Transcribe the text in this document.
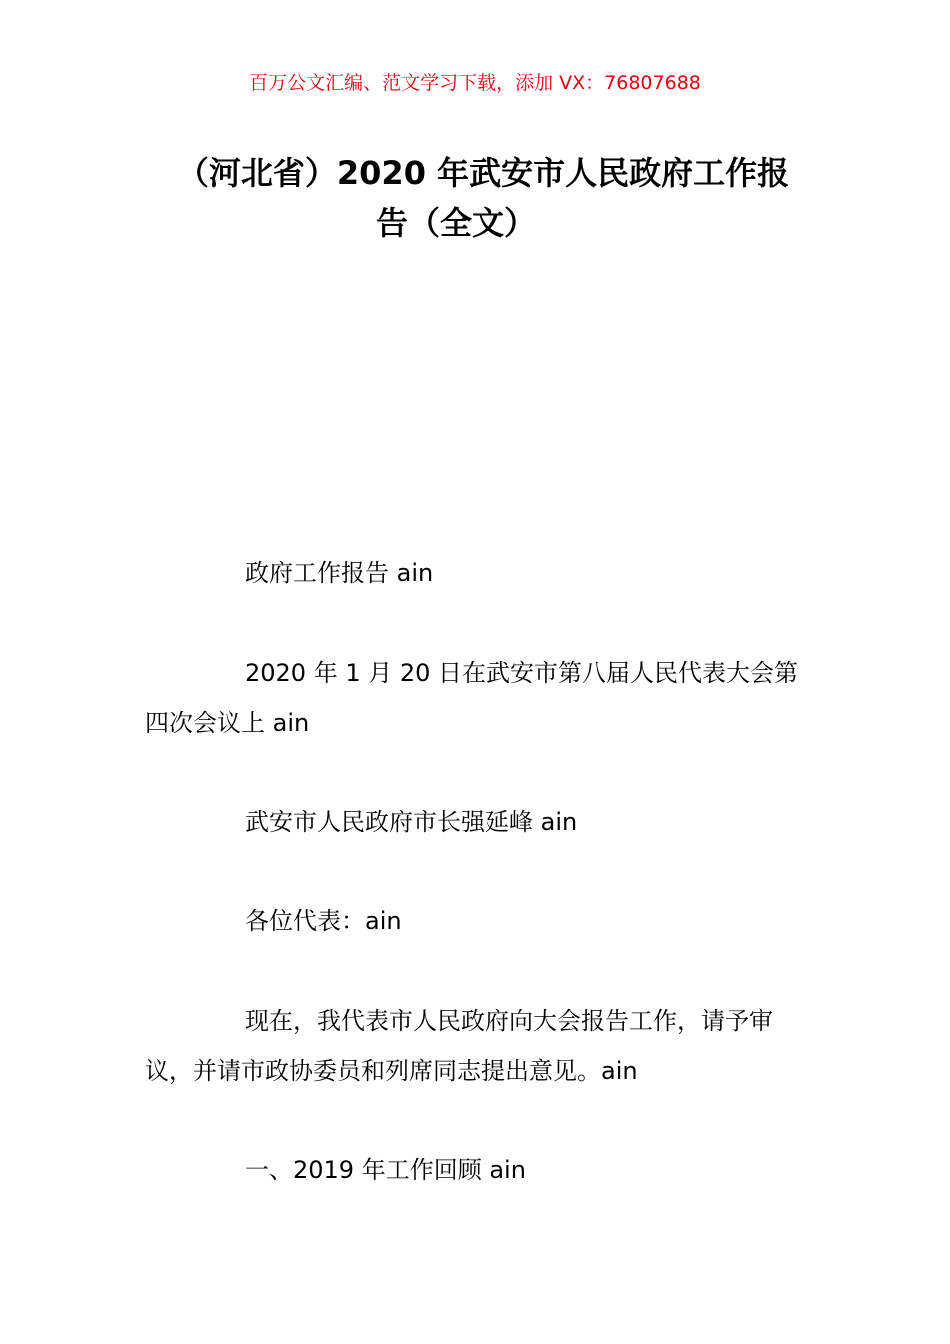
百万公文汇编、范文学习下载，添加 VX：76807688
（河北省）2020 年武安市人民政府工作报
告（全文）

政府工作报告 ain

2020 年 1 月 20 日在武安市第八届人民代表大会第四次会议上 ain

武安市人民政府市长强延峰 ain

各位代表：ain

现在，我代表市人民政府向大会报告工作，请予审议，并请市政协委员和列席同志提出意见。ain

一、2019 年工作回顾 ain
